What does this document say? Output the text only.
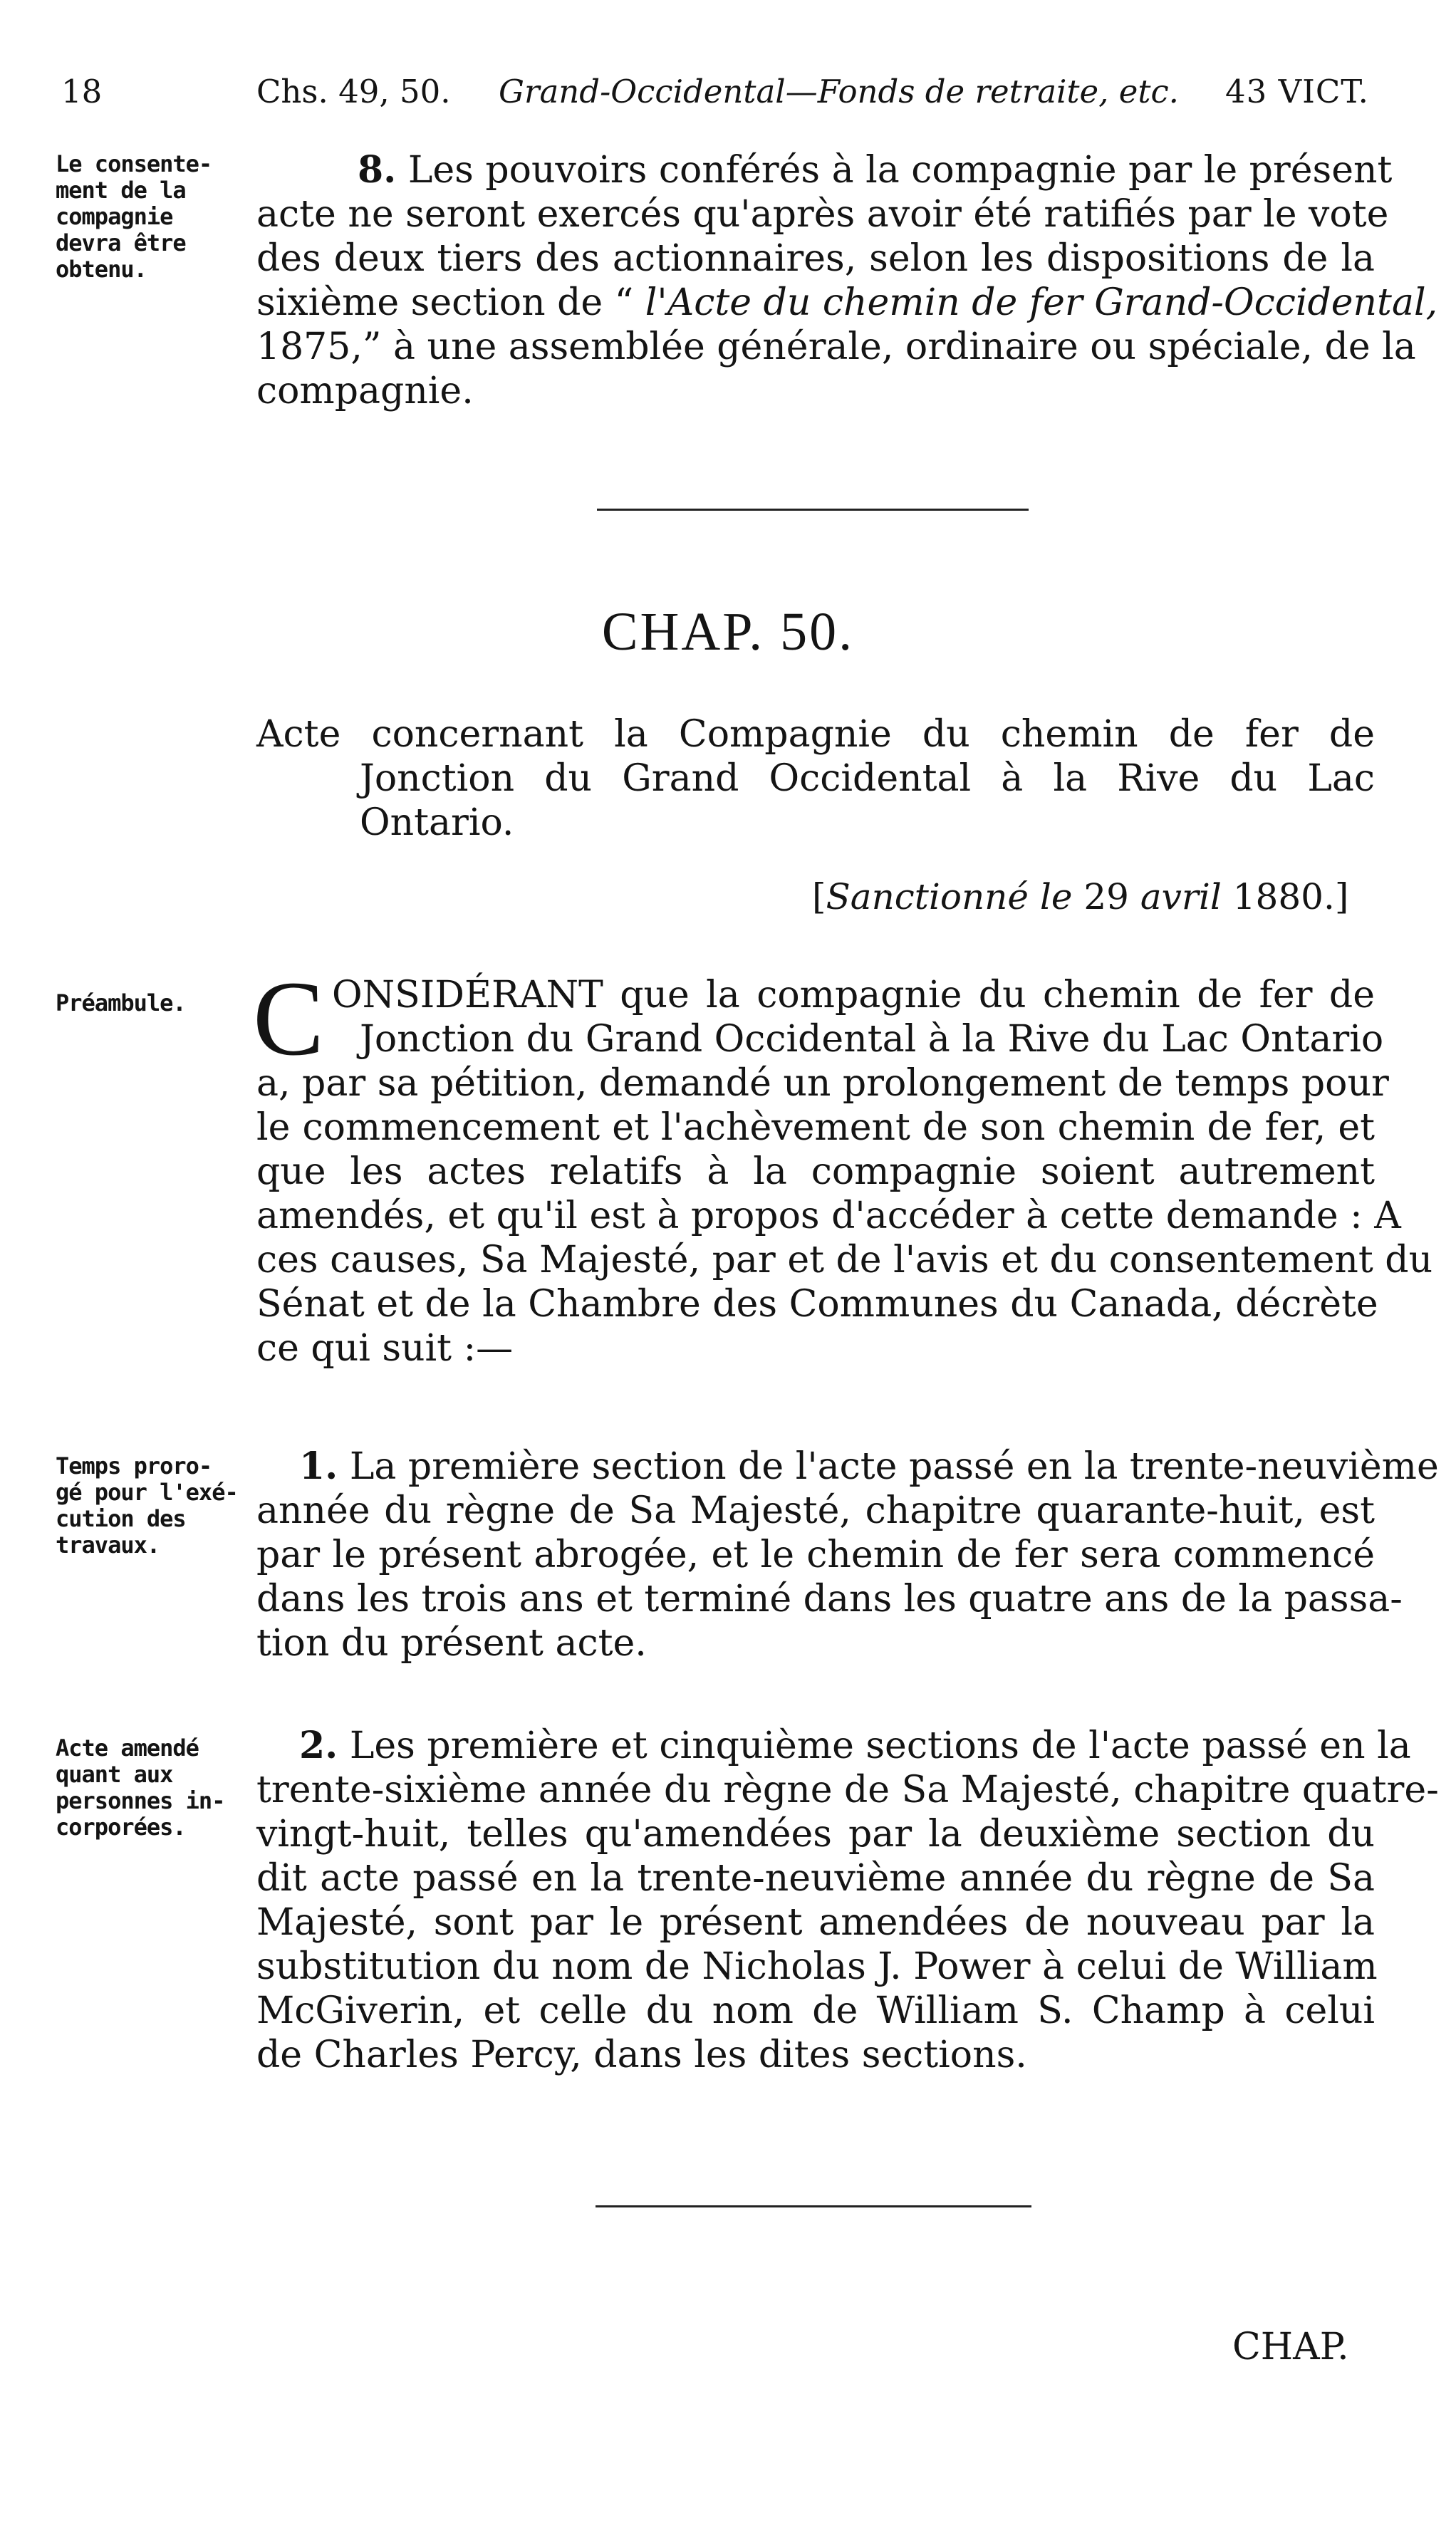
18	Chs. 49, 50. Grand-Occidental—Fonds de retraite, etc. 43 VICT.
Le consente-
ment de la
compagnie
devra être
obtenu.
8. Les pouvoirs conférés à la compagnie par le présent
acte ne seront exercés qu'après avoir été ratifiés par le vote
des deux tiers des actionnaires, selon les dispositions de la
sixième section de “ l'Acte du chemin de fer Grand-Occidental,
1875,” à une assemblée générale, ordinaire ou spéciale, de la
compagnie.
CHAP. 50.
Acte concernant la Compagnie du chemin de fer de
Jonction du Grand Occidental à la Rive du Lac
Ontario.
[Sanctionné le 29 avril 1880.]
Préambule. C ONSIDÉRANT que la compagnie du chemin de fer de
Jonction du Grand Occidental à la Rive du Lac Ontario
a, par sa pétition, demandé un prolongement de temps pour
le commencement et l'achèvement de son chemin de fer, et
que les actes relatifs à la compagnie soient autrement
amendés, et qu'il est à propos d'accéder à cette demande : A
ces causes, Sa Majesté, par et de l'avis et du consentement du
Sénat et de la Chambre des Communes du Canada, décrète
ce qui suit :—
Temps proro-
gé pour l'exé-
cution des
travaux.
1. La première section de l'acte passé en la trente-neuvième
année du règne de Sa Majesté, chapitre quarante-huit, est
par le présent abrogée, et le chemin de fer sera commencé
dans les trois ans et terminé dans les quatre ans de la passa-
tion du présent acte.
Acte amendé
quant aux
personnes in-
corporées.
2. Les première et cinquième sections de l'acte passé en la
trente-sixième année du règne de Sa Majesté, chapitre quatre-
vingt-huit, telles qu'amendées par la deuxième section du
dit acte passé en la trente-neuvième année du règne de Sa
Majesté, sont par le présent amendées de nouveau par la
substitution du nom de Nicholas J. Power à celui de William
McGiverin, et celle du nom de William S. Champ à celui
de Charles Percy, dans les dites sections.
CHAP.
